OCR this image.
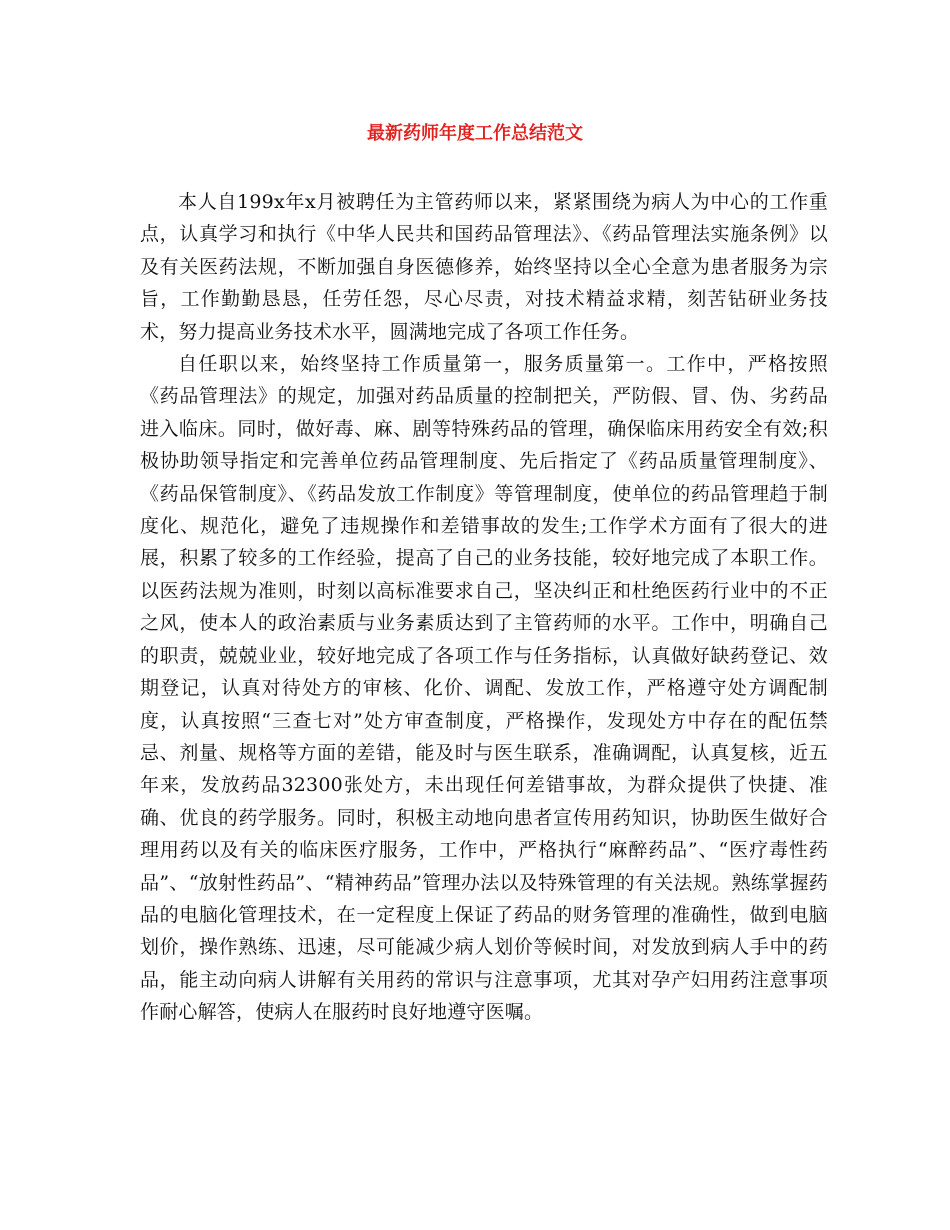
最新药师年度工作总结范文

本人自199x年x月被聘任为主管药师以来，紧紧围绕为病人为中心的工作重点，认真学习和执行《中华人民共和国药品管理法》、《药品管理法实施条例》以及有关医药法规，不断加强自身医德修养，始终坚持以全心全意为患者服务为宗旨，工作勤勤恳恳，任劳任怨，尽心尽责，对技术精益求精，刻苦钻研业务技术，努力提高业务技术水平，圆满地完成了各项工作任务。

自任职以来，始终坚持工作质量第一，服务质量第一。工作中，严格按照《药品管理法》的规定，加强对药品质量的控制把关，严防假、冒、伪、劣药品进入临床。同时，做好毒、麻、剧等特殊药品的管理，确保临床用药安全有效;积极协助领导指定和完善单位药品管理制度、先后指定了《药品质量管理制度》、《药品保管制度》、《药品发放工作制度》等管理制度，使单位的药品管理趋于制度化、规范化，避免了违规操作和差错事故的发生;工作学术方面有了很大的进展，积累了较多的工作经验，提高了自己的业务技能，较好地完成了本职工作。以医药法规为准则，时刻以高标准要求自己，坚决纠正和杜绝医药行业中的不正之风，使本人的政治素质与业务素质达到了主管药师的水平。工作中，明确自己的职责，兢兢业业，较好地完成了各项工作与任务指标，认真做好缺药登记、效期登记，认真对待处方的审核、化价、调配、发放工作，严格遵守处方调配制度，认真按照“三查七对”处方审查制度，严格操作，发现处方中存在的配伍禁忌、剂量、规格等方面的差错，能及时与医生联系，准确调配，认真复核，近五年来，发放药品32300张处方，未出现任何差错事故，为群众提供了快捷、准确、优良的药学服务。同时，积极主动地向患者宣传用药知识，协助医生做好合理用药以及有关的临床医疗服务，工作中，严格执行“麻醉药品”、“医疗毒性药品”、“放射性药品”、“精神药品”管理办法以及特殊管理的有关法规。熟练掌握药品的电脑化管理技术，在一定程度上保证了药品的财务管理的准确性，做到电脑划价，操作熟练、迅速，尽可能减少病人划价等候时间，对发放到病人手中的药品，能主动向病人讲解有关用药的常识与注意事项，尤其对孕产妇用药注意事项作耐心解答，使病人在服药时良好地遵守医嘱。
